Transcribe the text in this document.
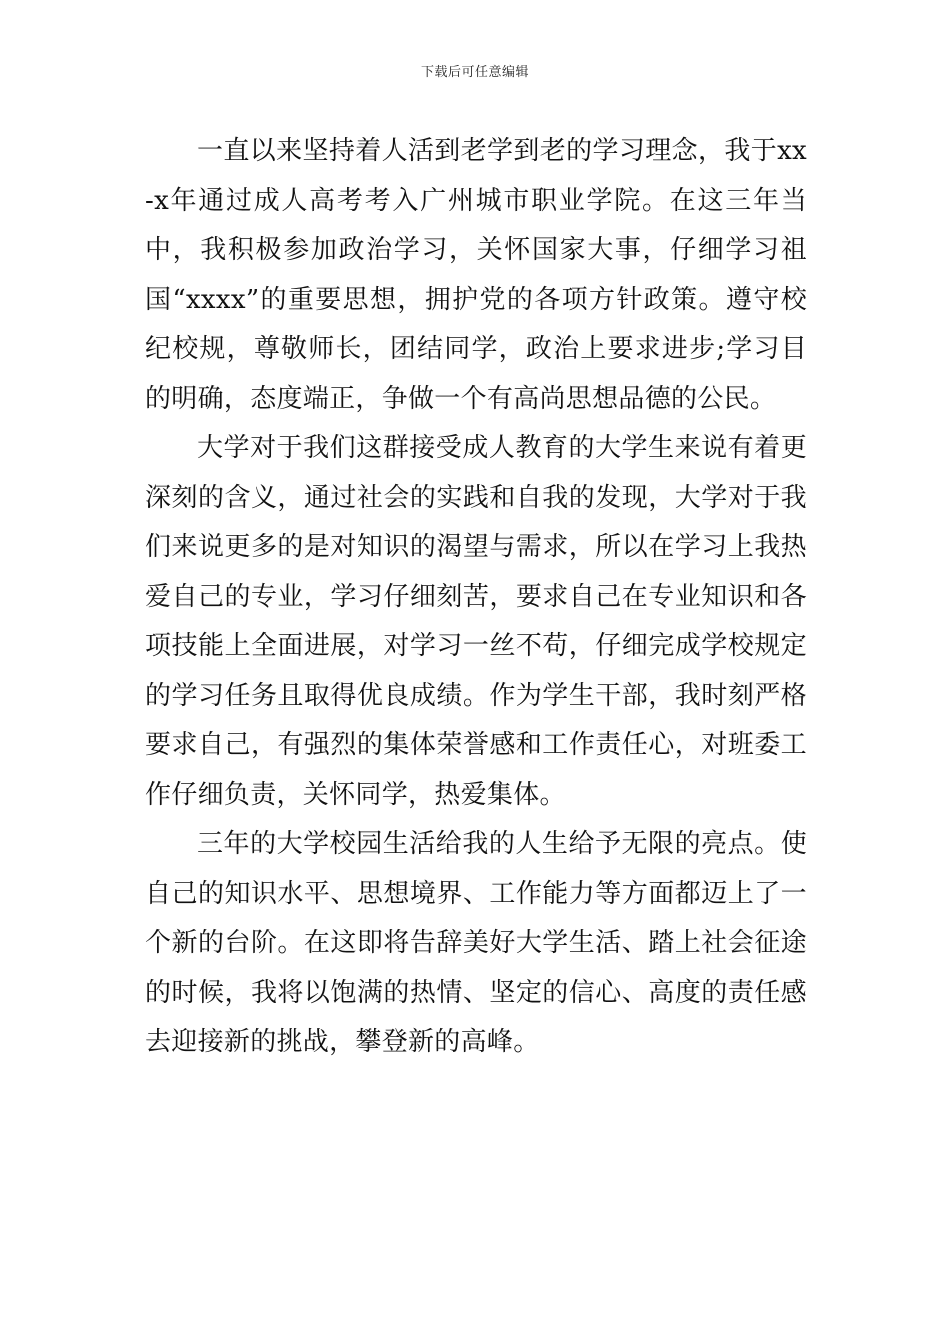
下载后可任意编辑

一直以来坚持着人活到老学到老的学习理念，我于xx-x年通过成人高考考入广州城市职业学院。在这三年当中，我积极参加政治学习，关怀国家大事，仔细学习祖国“xxxx”的重要思想，拥护党的各项方针政策。遵守校纪校规，尊敬师长，团结同学，政治上要求进步;学习目的明确，态度端正，争做一个有高尚思想品德的公民。

大学对于我们这群接受成人教育的大学生来说有着更深刻的含义，通过社会的实践和自我的发现，大学对于我们来说更多的是对知识的渴望与需求，所以在学习上我热爱自己的专业，学习仔细刻苦，要求自己在专业知识和各项技能上全面进展，对学习一丝不苟，仔细完成学校规定的学习任务且取得优良成绩。作为学生干部，我时刻严格要求自己，有强烈的集体荣誉感和工作责任心，对班委工作仔细负责，关怀同学，热爱集体。

三年的大学校园生活给我的人生给予无限的亮点。使自己的知识水平、思想境界、工作能力等方面都迈上了一个新的台阶。在这即将告辞美好大学生活、踏上社会征途的时候，我将以饱满的热情、坚定的信心、高度的责任感去迎接新的挑战，攀登新的高峰。
